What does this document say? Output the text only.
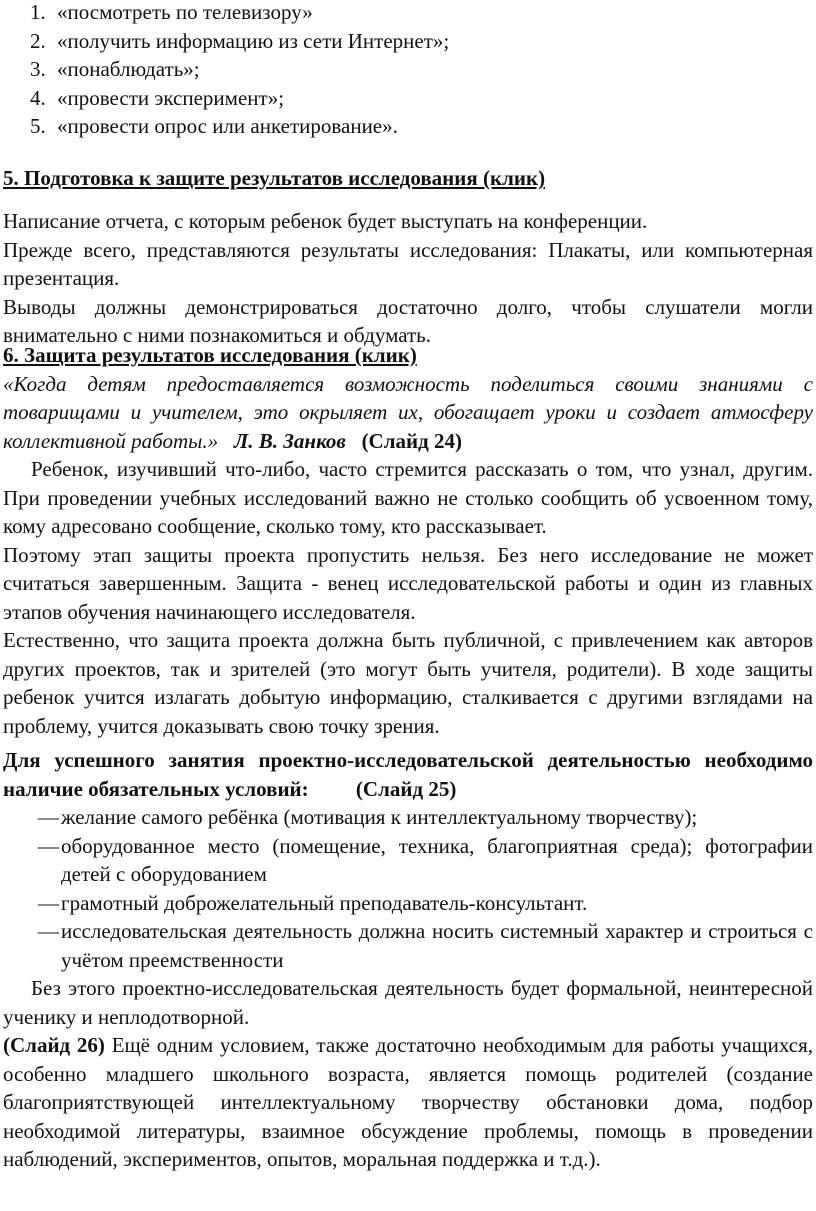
1. «посмотреть по телевизору»
2. «получить информацию из сети Интернет»;
3. «понаблюдать»;
4. «провести эксперимент»;
5. «провести опрос или анкетирование».

5. Подготовка к защите результатов исследования (клик)

Написание отчета, с которым ребенок будет выступать на конференции.

Прежде всего, представляются результаты исследования: Плакаты, или компьютерная презентация.

Выводы должны демонстрироваться достаточно долго, чтобы слушатели могли внимательно с ними познакомиться и обдумать.

6. Защита результатов исследования (клик)

«Когда детям предоставляется возможность поделиться своими знаниями с товарищами и учителем, это окрыляет их, обогащает уроки и создает атмосферу коллективной работы.» Л. В. Занков (Слайд 24)

Ребенок, изучивший что-либо, часто стремится рассказать о том, что узнал, другим. При проведении учебных исследований важно не столько сообщить об усвоенном тому, кому адресовано сообщение, сколько тому, кто рассказывает.

Поэтому этап защиты проекта пропустить нельзя. Без него исследование не может считаться завершенным. Защита - венец исследовательской работы и один из главных этапов обучения начинающего исследователя.

Естественно, что защита проекта должна быть публичной, с привлечением как авторов других проектов, так и зрителей (это могут быть учителя, родители). В ходе защиты ребенок учится излагать добытую информацию, сталкивается с другими взглядами на проблему, учится доказывать свою точку зрения.

Для успешного занятия проектно-исследовательской деятельностью необходимо наличие обязательных условий: (Слайд 25)

— желание самого ребёнка (мотивация к интеллектуальному творчеству);
— оборудованное место (помещение, техника, благоприятная среда); фотографии детей с оборудованием
— грамотный доброжелательный преподаватель-консультант.
— исследовательская деятельность должна носить системный характер и строиться с учётом преемственности

Без этого проектно-исследовательская деятельность будет формальной, неинтересной ученику и неплодотворной.

(Слайд 26) Ещё одним условием, также достаточно необходимым для работы учащихся, особенно младшего школьного возраста, является помощь родителей (создание благоприятствующей интеллектуальному творчеству обстановки дома, подбор необходимой литературы, взаимное обсуждение проблемы, помощь в проведении наблюдений, экспериментов, опытов, моральная поддержка и т.д.).
